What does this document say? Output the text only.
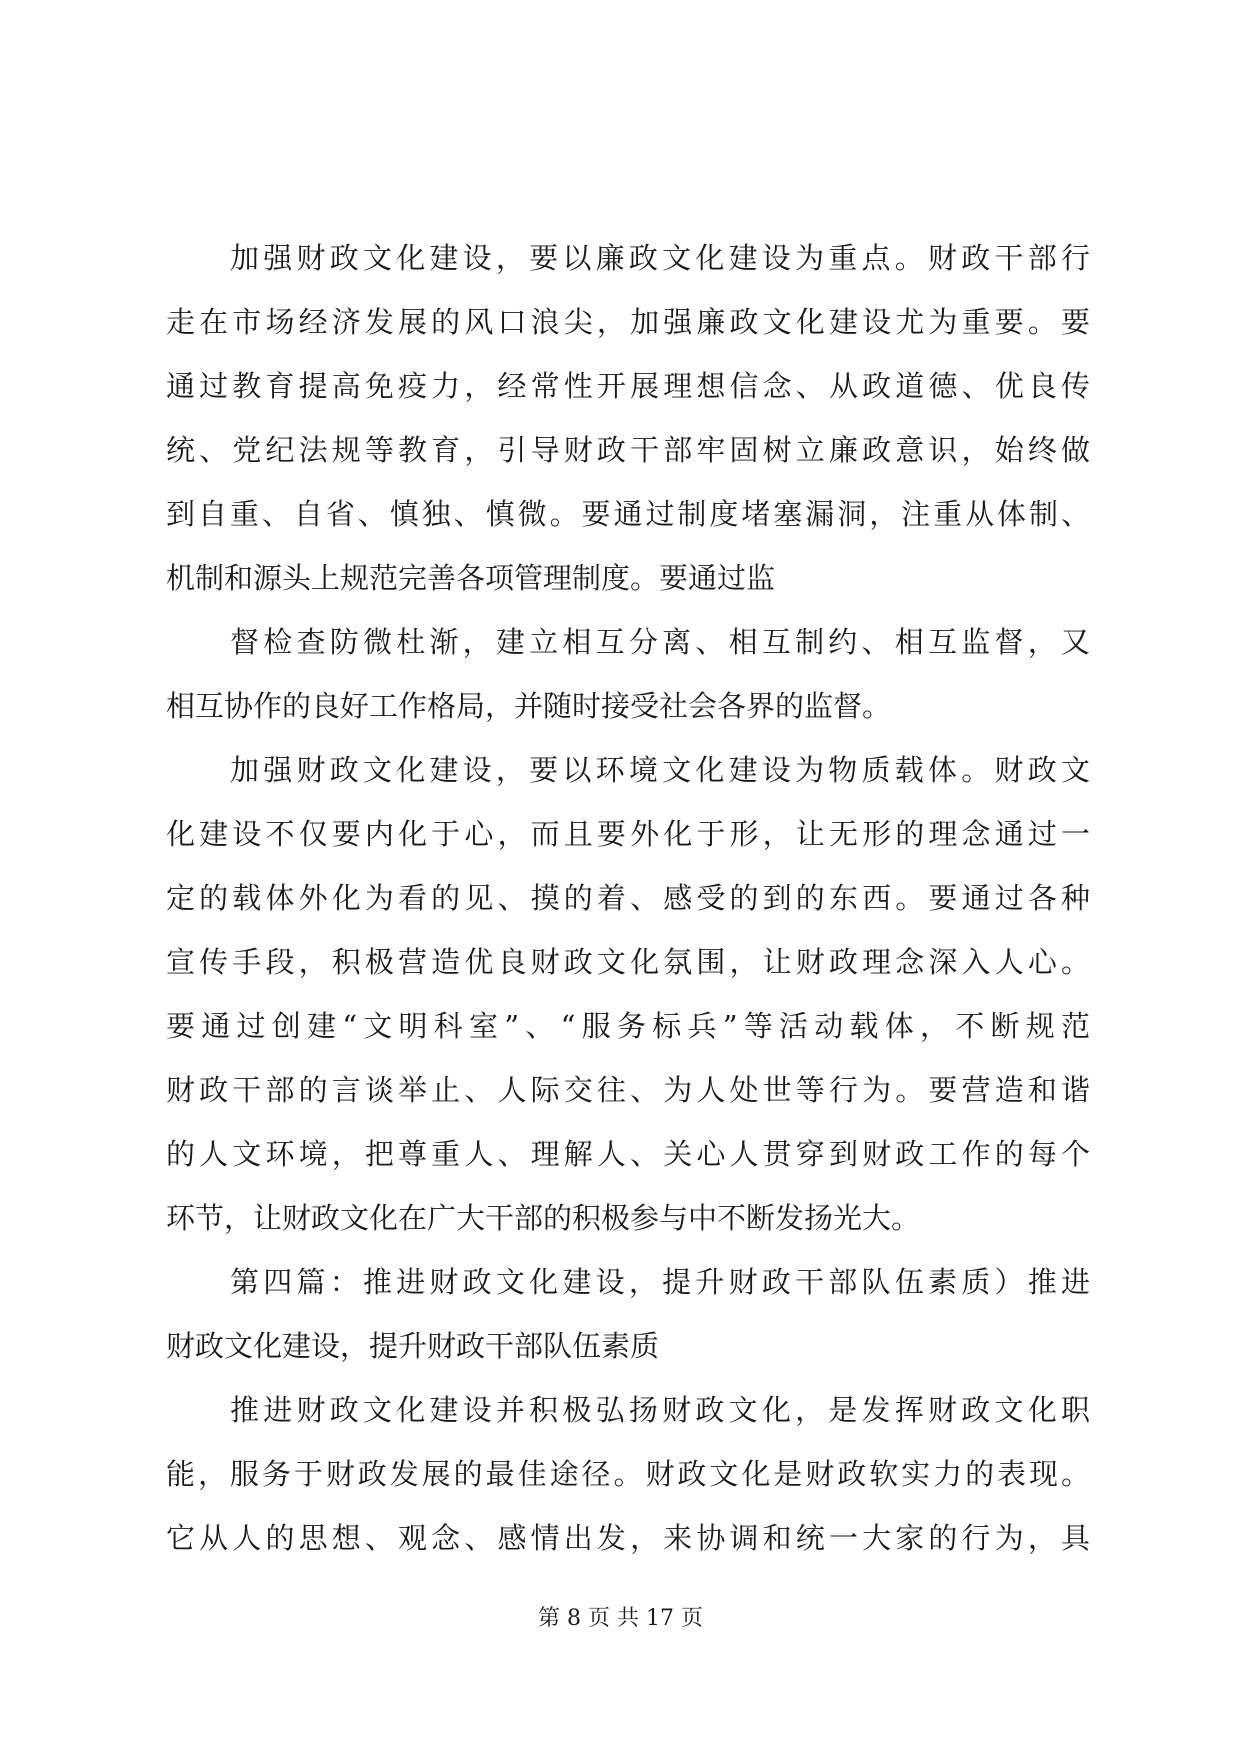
加强财政文化建设，要以廉政文化建设为重点。财政干部行
走在市场经济发展的风口浪尖，加强廉政文化建设尤为重要。要
通过教育提高免疫力，经常性开展理想信念、从政道德、优良传
统、党纪法规等教育，引导财政干部牢固树立廉政意识，始终做
到自重、自省、慎独、慎微。要通过制度堵塞漏洞，注重从体制、
机制和源头上规范完善各项管理制度。要通过监
督检查防微杜渐，建立相互分离、相互制约、相互监督，又
相互协作的良好工作格局，并随时接受社会各界的监督。
加强财政文化建设，要以环境文化建设为物质载体。财政文
化建设不仅要内化于心，而且要外化于形，让无形的理念通过一
定的载体外化为看的见、摸的着、感受的到的东西。要通过各种
宣传手段，积极营造优良财政文化氛围，让财政理念深入人心。
要通过创建“文明科室”、“服务标兵”等活动载体，不断规范
财政干部的言谈举止、人际交往、为人处世等行为。要营造和谐
的人文环境，把尊重人、理解人、关心人贯穿到财政工作的每个
环节，让财政文化在广大干部的积极参与中不断发扬光大。
第四篇：推进财政文化建设，提升财政干部队伍素质）推进
财政文化建设，提升财政干部队伍素质
推进财政文化建设并积极弘扬财政文化，是发挥财政文化职
能，服务于财政发展的最佳途径。财政文化是财政软实力的表现。
它从人的思想、观念、感情出发，来协调和统一大家的行为，具
第 8 页 共 17 页
